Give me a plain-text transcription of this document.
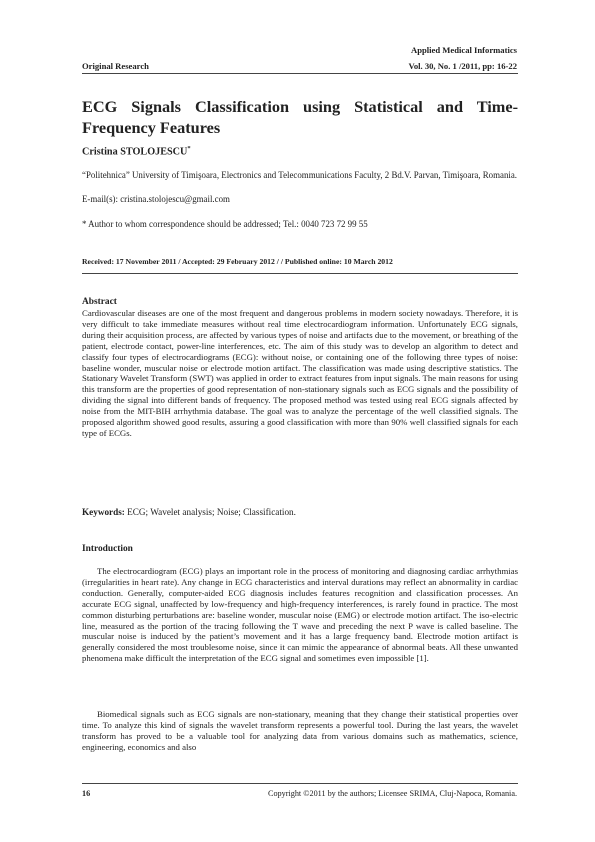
Applied Medical Informatics
Original Research	Vol. 30, No. 1 /2011, pp: 16-22
ECG Signals Classification using Statistical and Time-Frequency Features
Cristina STOLOJESCU*
“Politehnica” University of Timişoara, Electronics and Telecommunications Faculty, 2 Bd.V. Parvan, Timişoara, Romania.
E-mail(s): cristina.stolojescu@gmail.com
* Author to whom correspondence should be addressed; Tel.: 0040 723 72 99 55
Received: 17 November 2011 / Accepted: 29 February 2012 / / Published online: 10 March 2012
Abstract

Cardiovascular diseases are one of the most frequent and dangerous problems in modern society nowadays. Therefore, it is very difficult to take immediate measures without real time electrocardiogram information. Unfortunately ECG signals, during their acquisition process, are affected by various types of noise and artifacts due to the movement, or breathing of the patient, electrode contact, power-line interferences, etc. The aim of this study was to develop an algorithm to detect and classify four types of electrocardiograms (ECG): without noise, or containing one of the following three types of noise: baseline wonder, muscular noise or electrode motion artifact. The classification was made using descriptive statistics. The Stationary Wavelet Transform (SWT) was applied in order to extract features from input signals. The main reasons for using this transform are the properties of good representation of non-stationary signals such as ECG signals and the possibility of dividing the signal into different bands of frequency. The proposed method was tested using real ECG signals affected by noise from the MIT-BIH arrhythmia database. The goal was to analyze the percentage of the well classified signals. The proposed algorithm showed good results, assuring a good classification with more than 90% well classified signals for each type of ECGs.

Keywords: ECG; Wavelet analysis; Noise; Classification.
Introduction

The electrocardiogram (ECG) plays an important role in the process of monitoring and diagnosing cardiac arrhythmias (irregularities in heart rate). Any change in ECG characteristics and interval durations may reflect an abnormality in cardiac conduction. Generally, computer-aided ECG diagnosis includes features recognition and classification processes. An accurate ECG signal, unaffected by low-frequency and high-frequency interferences, is rarely found in practice. The most common disturbing perturbations are: baseline wonder, muscular noise (EMG) or electrode motion artifact. The iso-electric line, measured as the portion of the tracing following the T wave and preceding the next P wave is called baseline. The muscular noise is induced by the patient’s movement and it has a large frequency band. Electrode motion artifact is generally considered the most troublesome noise, since it can mimic the appearance of abnormal beats. All these unwanted phenomena make difficult the interpretation of the ECG signal and sometimes even impossible [1].

Biomedical signals such as ECG signals are non-stationary, meaning that they change their statistical properties over time. To analyze this kind of signals the wavelet transform represents a powerful tool. During the last years, the wavelet transform has proved to be a valuable tool for analyzing data from various domains such as mathematics, science, engineering, economics and also

16	Copyright ©2011 by the authors; Licensee SRIMA, Cluj-Napoca, Romania.
